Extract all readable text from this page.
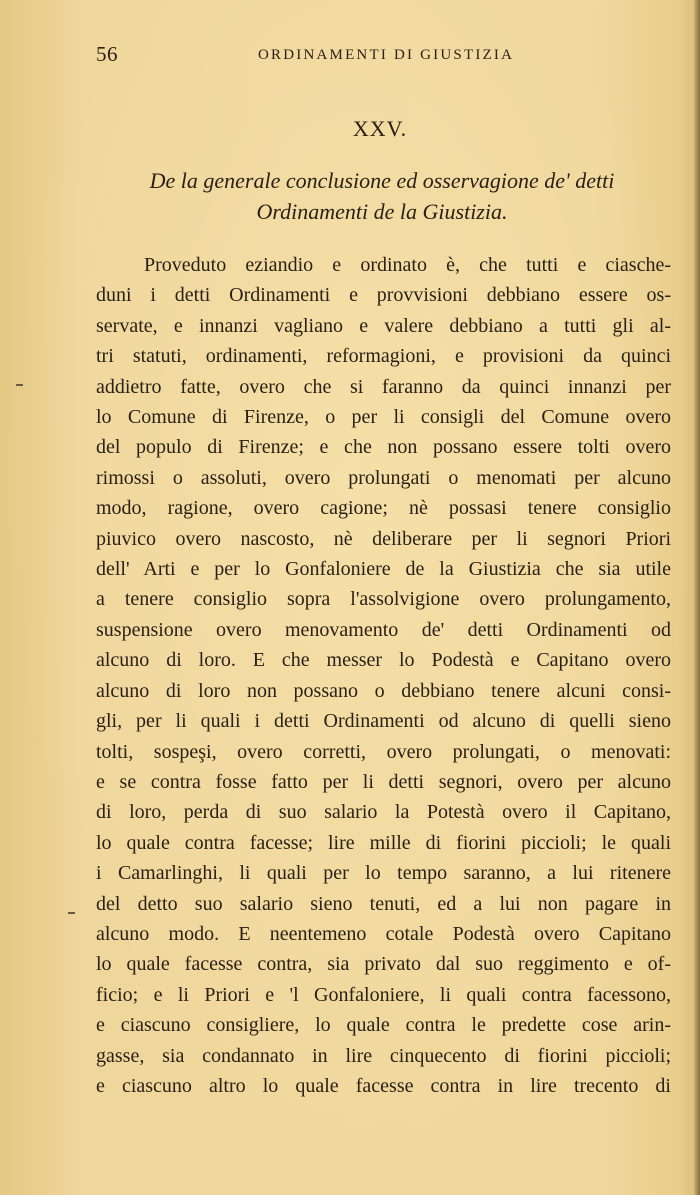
56	ORDINAMENTI DI GIUSTIZIA
XXV.
De la generale conclusione ed osservagione de' detti
Ordinamenti de la Giustizia.
Proveduto eziandio e ordinato è, che tutti e ciasche-
duni i detti Ordinamenti e provvisioni debbiano essere os-
servate, e innanzi vagliano e valere debbiano a tutti gli al-
tri statuti, ordinamenti, reformagioni, e provisioni da quinci
addietro fatte, overo che si faranno da quinci innanzi per
lo Comune di Firenze, o per li consigli del Comune overo
del populo di Firenze; e che non possano essere tolti overo
rimossi o assoluti, overo prolungati o menomati per alcuno
modo, ragione, overo cagione; nè possasi tenere consiglio
piuvico overo nascosto, nè deliberare per li segnori Priori
dell' Arti e per lo Gonfaloniere de la Giustizia che sia utile
a tenere consiglio sopra l'assolvigione overo prolungamento,
suspensione overo menovamento de' detti Ordinamenti od
alcuno di loro. E che messer lo Podestà e Capitano overo
alcuno di loro non possano o debbiano tenere alcuni consi-
gli, per li quali i detti Ordinamenti od alcuno di quelli sieno
tolti, sospeşi, overo corretti, overo prolungati, o menovati:
e se contra fosse fatto per li detti segnori, overo per alcuno
di loro, perda di suo salario la Potestà overo il Capitano,
lo quale contra facesse; lire mille di fiorini piccioli; le quali
i Camarlinghi, li quali per lo tempo saranno, a lui ritenere
del detto suo salario sieno tenuti, ed a lui non pagare in
alcuno modo. E neentemeno cotale Podestà overo Capitano
lo quale facesse contra, sia privato dal suo reggimento e of-
ficio; e li Priori e 'l Gonfaloniere, li quali contra facessono,
e ciascuno consigliere, lo quale contra le predette cose arin-
gasse, sia condannato in lire cinquecento di fiorini piccioli;
e ciascuno altro lo quale facesse contra in lire trecento di
